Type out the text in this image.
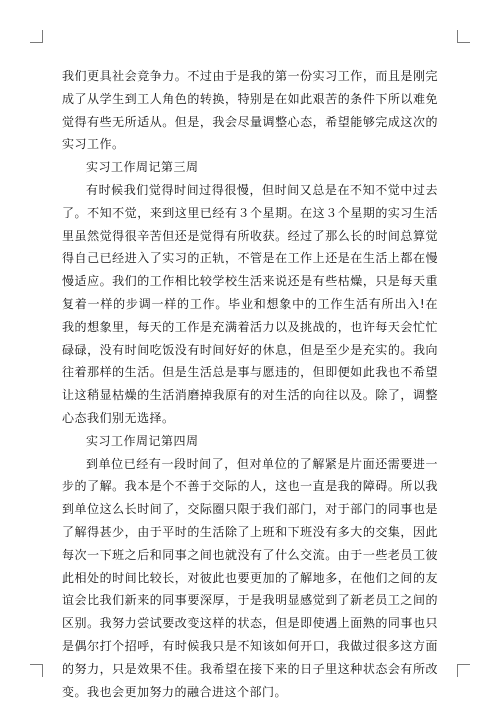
我们更具社会竞争力。不过由于是我的第一份实习工作，而且是刚完成了从学生到工人角色的转换，特别是在如此艰苦的条件下所以难免觉得有些无所适从。但是，我会尽量调整心态，希望能够完成这次的实习工作。

实习工作周记第三周

有时候我们觉得时间过得很慢，但时间又总是在不知不觉中过去了。不知不觉，来到这里已经有３个星期。在这３个星期的实习生活里虽然觉得很辛苦但还是觉得有所收获。经过了那么长的时间总算觉得自己已经进入了实习的正轨，不管是在工作上还是在生活上都在慢慢适应。我们的工作相比较学校生活来说还是有些枯燥，只是每天重复着一样的步调一样的工作。毕业和想象中的工作生活有所出入!在我的想象里，每天的工作是充满着活力以及挑战的，也许每天会忙忙碌碌，没有时间吃饭没有时间好好的休息，但是至少是充实的。我向往着那样的生活。但是生活总是事与愿违的，但即便如此我也不希望让这稍显枯燥的生活消磨掉我原有的对生活的向往以及。除了，调整心态我们别无选择。

实习工作周记第四周

到单位已经有一段时间了，但对单位的了解紧是片面还需要进一步的了解。我本是个不善于交际的人，这也一直是我的障碍。所以我到单位这么长时间了，交际圈只限于我们部门，对于部门的同事也是了解得甚少，由于平时的生活除了上班和下班没有多大的交集，因此每次一下班之后和同事之间也就没有了什么交流。由于一些老员工彼此相处的时间比较长，对彼此也要更加的了解地多，在他们之间的友谊会比我们新来的同事要深厚，于是我明显感觉到了新老员工之间的区别。我努力尝试要改变这样的状态，但是即使遇上面熟的同事也只是偶尔打个招呼，有时候我只是不知该如何开口，我做过很多这方面的努力，只是效果不佳。我希望在接下来的日子里这种状态会有所改变。我也会更加努力的融合进这个部门。
